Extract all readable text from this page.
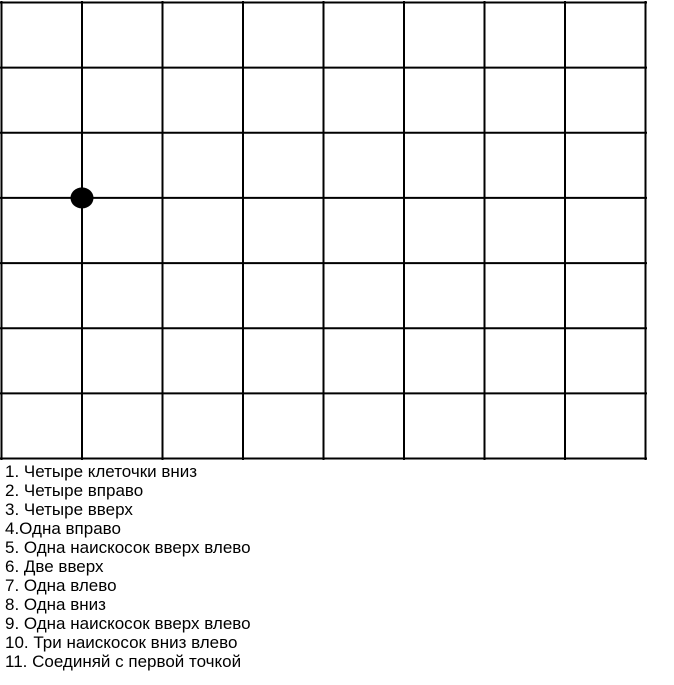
1. Четыре клеточки вниз
2. Четыре вправо
3. Четыре вверх
4.Одна вправо
5. Одна наискосок вверх влево
6. Две вверх
7. Одна влево
8. Одна вниз
9. Одна наискосок вверх влево
10. Три наискосок вниз влево
11. Соединяй с первой точкой
